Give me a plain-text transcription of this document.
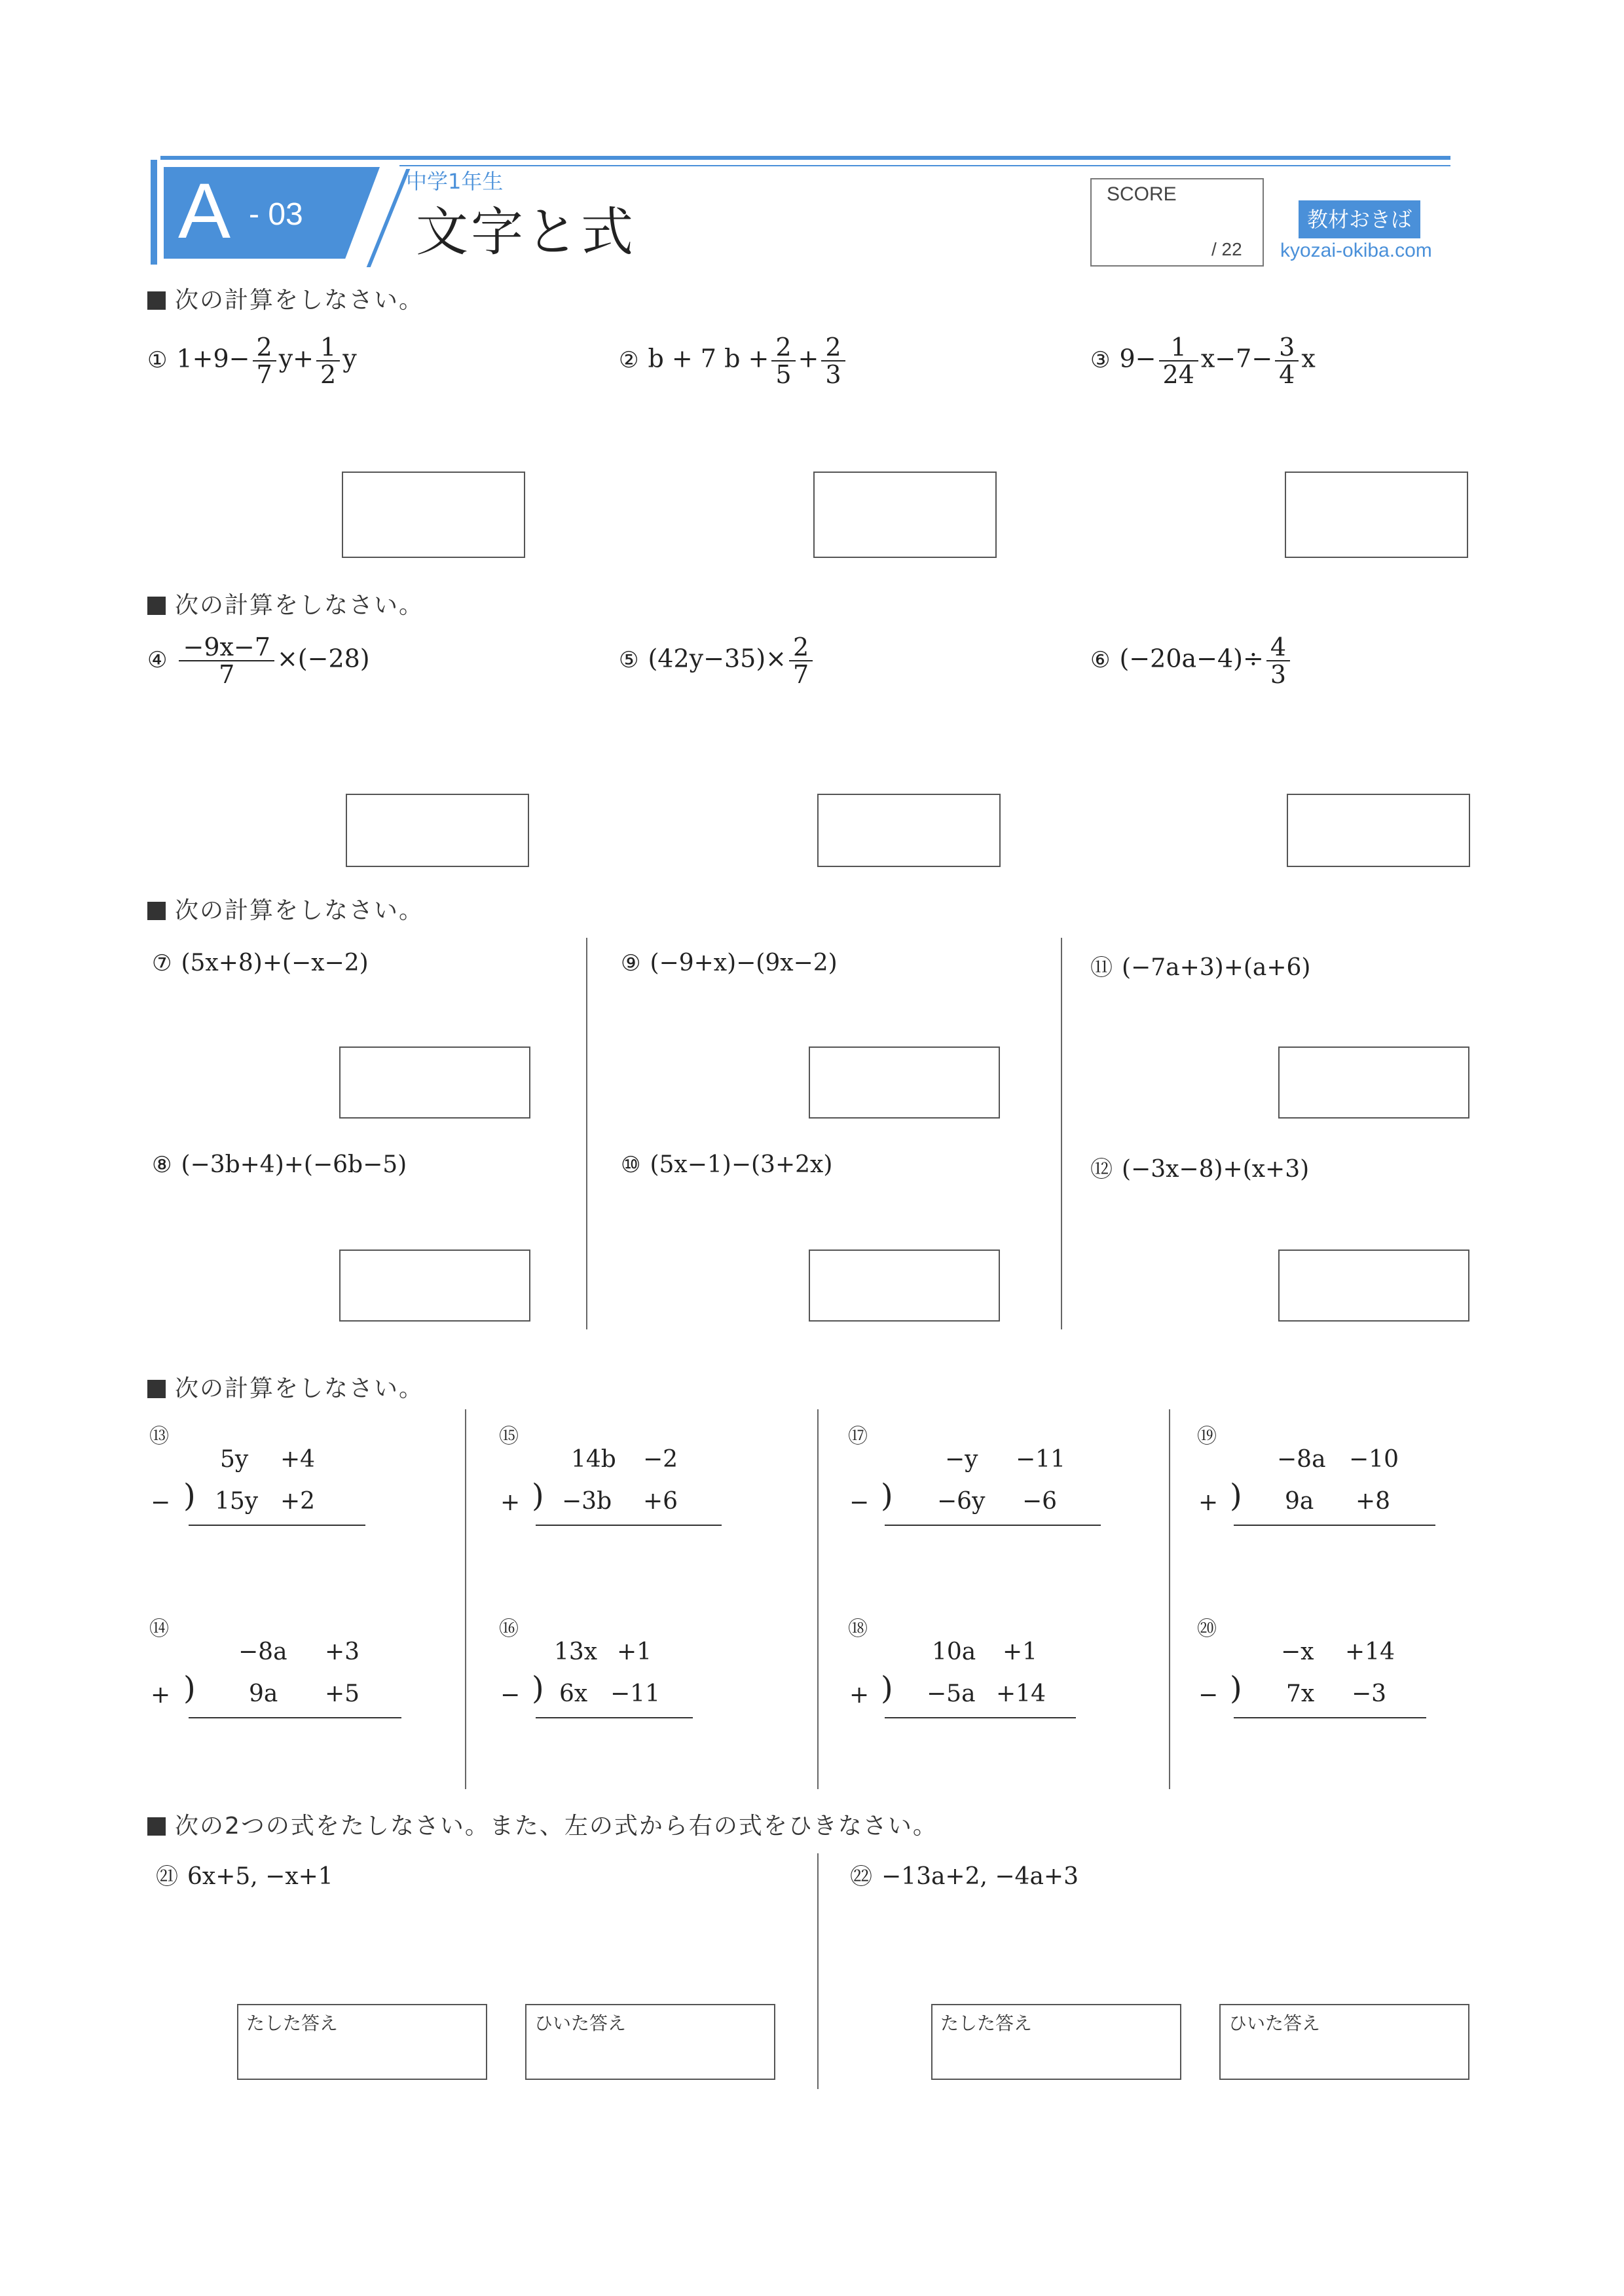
A - 03
中学1年生
文字と式
SCORE
/ 22
教材おきば
kyozai-okiba.com
次の計算をしなさい。
① $1+9- \frac{2}{7} y+ \frac{1}{2}$ y	② b + 7 $b + \frac{2}{5} + \frac{2}{3}$	③ $9- \frac{1}{24} x-7- \frac{3}{4}$ x
次の計算をしなさい。
④ $\frac{-9x-7}{7} \times(-28)$	⑤ $(42y-35)\times \frac{2}{7}$	⑥ $(-20a-4)\div \frac{4}{3}$
次の計算をしなさい。
⑦ (5x+8)+(−x−2)	⑨ (−9+x)−(9x−2)	⑪ (−7a+3)+(a+6)
⑧ (−3b+4)+(−6b−5)	⑩ (5x−1)−(3+2x)	⑫ (−3x−8)+(x+3)
次の計算をしなさい。
⑬
5y +4
− ) 15y +2
⑮
14b −2
+ ) −3b +6
⑰
−y −11
− ) −6y −6
⑲
−8a −10
+ ) 9a +8
⑭
−8a +3
+ ) 9a +5
⑯
13x +1
− ) 6x −11
⑱
10a +1
+ ) −5a +14
⑳
−x +14
− ) 7x −3
次の2つの式をたしなさい。また、左の式から右の式をひきなさい。
㉑ 6x+5, −x+1	㉒ −13a+2, −4a+3
たした答え	ひいた答え	たした答え	ひいた答え
